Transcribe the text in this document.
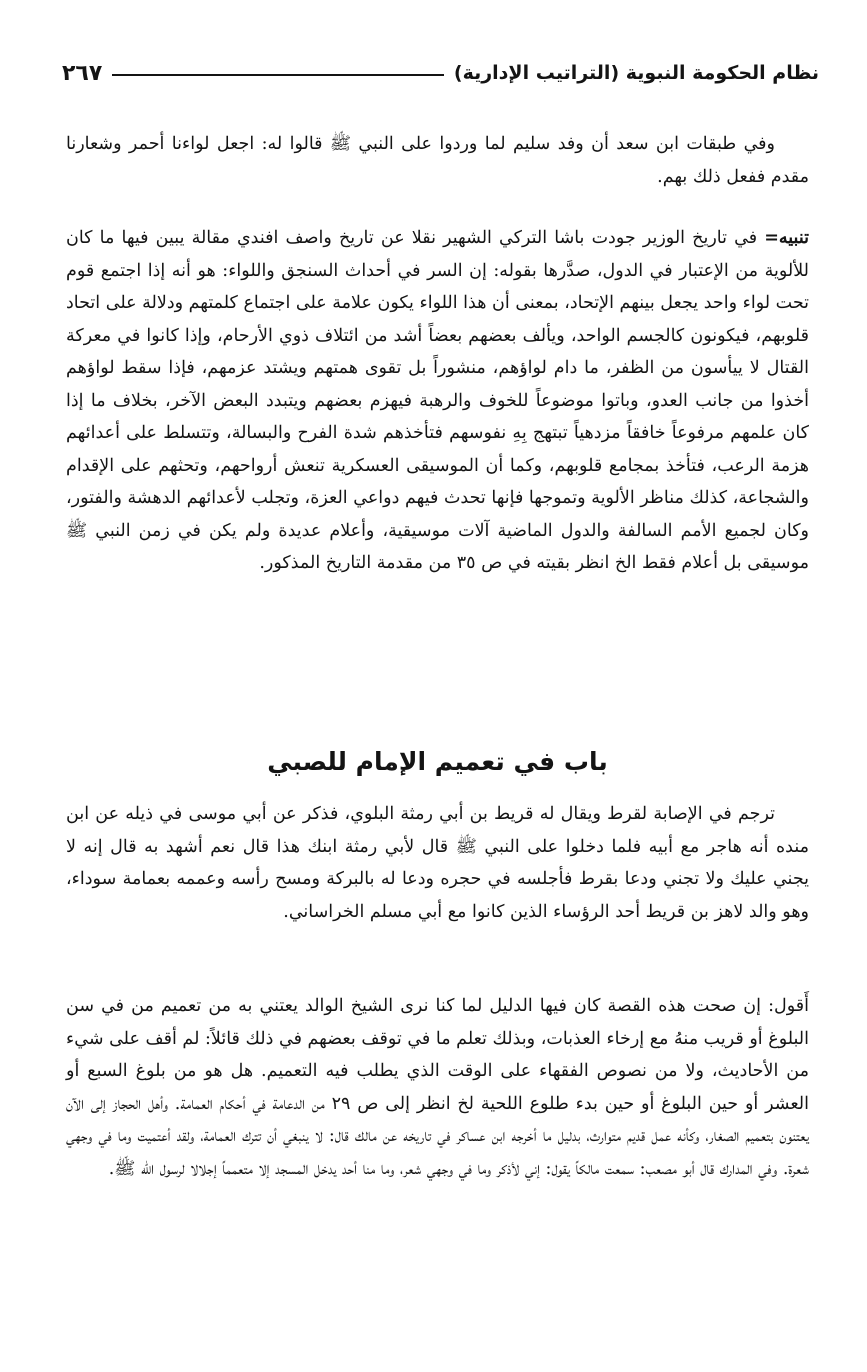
نظام الحكومة النبوية (التراتيب الإدارية)
٢٦٧

وفي طبقات ابن سعد أن وفد سليم لما وردوا على النبي ﷺ قالوا له: اجعل لواءنا أحمر وشعارنا مقدم ففعل ذلك بهم.

تنبيه= في تاريخ الوزير جودت باشا التركي الشهير نقلا عن تاريخ واصف افندي مقالة يبين فيها ما كان للألوية من الإعتبار في الدول، صدَّرها بقوله: إن السر في أحداث السنجق واللواء: هو أنه إذا اجتمع قوم تحت لواء واحد يجعل بينهم الإتحاد، بمعنى أن هذا اللواء يكون علامة على اجتماع كلمتهم ودلالة على اتحاد قلوبهم، فيكونون كالجسم الواحد، ويألف بعضهم بعضاً أشد من ائتلاف ذوي الأرحام، وإذا كانوا في معركة القتال لا ييأسون من الظفر، ما دام لواؤهم، منشوراً بل تقوى همتهم ويشتد عزمهم، فإذا سقط لواؤهم أخذوا من جانب العدو، وباتوا موضوعاً للخوف والرهبة فيهزم بعضهم ويتبدد البعض الآخر، بخلاف ما إذا كان علمهم مرفوعاً خافقاً مزدهياً تبتهج بِهِ نفوسهم فتأخذهم شدة الفرح والبسالة، وتتسلط على أعدائهم هزمة الرعب، فتأخذ بمجامع قلوبهم، وكما أن الموسيقى العسكرية تنعش أرواحهم، وتحثهم على الإقدام والشجاعة، كذلك مناظر الألوية وتموجها فإنها تحدث فيهم دواعي العزة، وتجلب لأعدائهم الدهشة والفتور، وكان لجميع الأمم السالفة والدول الماضية آلات موسيقية، وأعلام عديدة ولم يكن في زمن النبي ﷺ موسيقى بل أعلام فقط الخ انظر بقيته في ص ٣٥ من مقدمة التاريخ المذكور.

باب في تعميم الإمام للصبي

ترجم في الإصابة لقرط ويقال له قريط بن أبي رمثة البلوي، فذكر عن أبي موسى في ذيله عن ابن منده أنه هاجر مع أبيه فلما دخلوا على النبي ﷺ قال لأبي رمثة ابنك هذا قال نعم أشهد به قال إنه لا يجني عليك ولا تجني ودعا بقرط فأجلسه في حجره ودعا له بالبركة ومسح رأسه وعممه بعمامة سوداء، وهو والد لاهز بن قريط أحد الرؤساء الذين كانوا مع أبي مسلم الخراساني.

أَقول: إن صحت هذه القصة كان فيها الدليل لما كنا نرى الشيخ الوالد يعتني به من تعميم من في سن البلوغ أو قريب منهُ مع إرخاء العذبات، وبذلك تعلم ما في توقف بعضهم في ذلك قائلاً: لم أقف على شيء من الأحاديث، ولا من نصوص الفقهاء على الوقت الذي يطلب فيه التعميم. هل هو من بلوغ السبع أو العشر أو حين البلوغ أو حين بدء طلوع اللحية لخ انظر إلى ص ٢٩ من الدعامة في أحكام العمامة. وأهل الحجاز إلى الآن يعتنون بتعميم الصغار، وكأنه عمل قديم متوارث، بدليل ما أخرجه ابن عساكر في تاريخه عن مالك قال: لا ينبغي أن تترك العمامة، ولقد أعتميت وما في وجهي شعرة. وفي المدارك قال أبو مصعب: سمعت مالكاً يقول: إني لأذكر وما في وجهي شعر، وما منا أحد يدخل المسجد إلا متعمماً إجلالا لرسول الله ﷺ.
